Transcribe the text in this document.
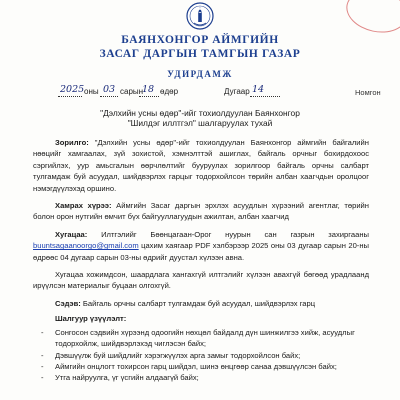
БАЯНХОНГОР АЙМГИЙН
ЗАСАГ ДАРГЫН ТАМГЫН ГАЗАР
УДИРДАМЖ
2025 оны 03 сарын
18 өдөр	Дугаар 14	Номгон
"Дэлхийн усны өдөр"-ийг тохиолдуулан Баянхонгор
"Шилдэг иллтгэл" шалгаруулах тухай

Зорилго: "Дэлхийн усны өдөр"-ийг тохиолдуулан Баянхонгор аймгийн байгалийн нөөцийг хамгаалах, зүй зохистой, хэмнэлттэй ашиглах, байгаль орчныг бохирдохоос сэргийлэх, уур амьсгалын өөрчлөлтийг бууруулах зорилгоор байгаль орчны салбарт тулгамдаж буй асуудал, шийдвэрлэх гарцыг тодорхойлсон төрийн албан хаагчдын оролцоог нэмэгдүүлэхэд оршино.

Хамрах хүрээ: Аймгийн Засаг даргын эрхлэх асуудлын хүрээний агентлаг, төрийн болон орон нутгийн өмчит бүх байгууллагуудын ажилтан, албан хаагчид

Хугацаа: Илтгэлийг Бөөнцагаан-Орог нуурын сан газрын захиргааны buuntsagaanoorgo@gmail.com цахим хаягаар PDF хэлбэрээр 2025 оны 03 дугаар сарын 20-ны өдрөөс 04 дугаар сарын 03-ны өдрийг дуустал хүлээн авна.

Хугацаа хожимдсон, шаардлага хангахгүй илтгэлийг хүлээн авахгүй бөгөөд урадлаанд ирүүлсэн материалыг буцаан олгохгүй.

Сэдэв: Байгаль орчны салбарт тулгамдаж буй асуудал, шийдвэрлэх гарц

Шалгуур үзүүлэлт:
- Сонгосон сэдвийн хүрээнд одоогийн нөхцөл байдалд дүн шинжилгээ хийж, асуудлыг тодорхойлж, шийдвэрлэхэд чиглэсэн байх;
- Дэвшүүлж буй шийдлийг хэрэгжүүлэх арга замыг тодорхойлсон байх;
- Аймгийн онцлогт тохирсон гарц шийдэл, шинэ өнцгөөр санаа дэвшүүлсэн байх;
- Утга найруулга, үг үсгийн алдаагүй байх;
